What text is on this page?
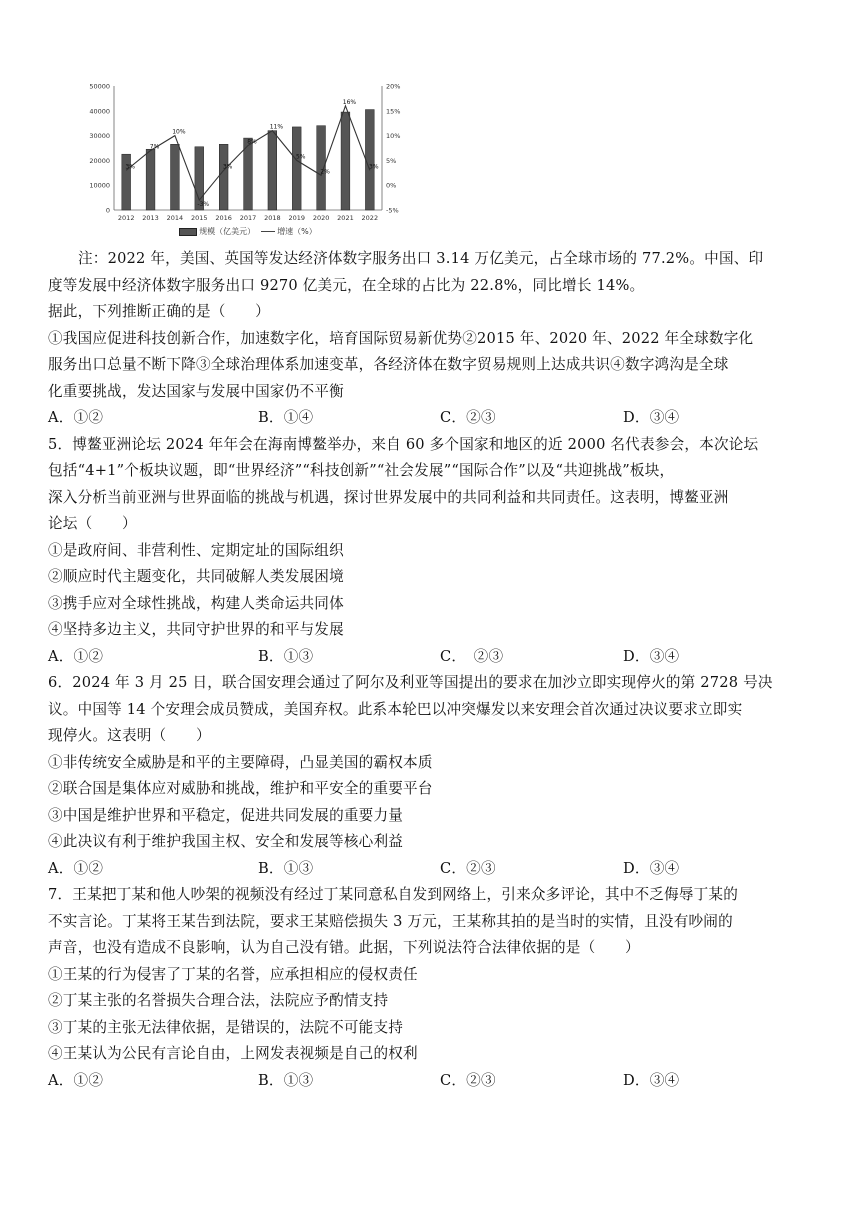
0
10000
20000
30000
40000
50000
-5%
0%
5%
10%
15%
20%
2012 2013 2014 2015 2016 2017 2018 2019 2020 2021 2022
3%
7%
10%
-3%
3%
8%
11%
5%
2%
16%
3%
规模（亿美元）	增速（%）
注：2022 年，美国、英国等发达经济体数字服务出口 3.14 万亿美元，占全球市场的 77.2%。中国、印
度等发展中经济体数字服务出口 9270 亿美元，在全球的占比为 22.8%，同比增长 14%。
据此，下列推断正确的是（　　）
①我国应促进科技创新合作，加速数字化，培育国际贸易新优势②2015 年、2020 年、2022 年全球数字化
服务出口总量不断下降③全球治理体系加速变革，各经济体在数字贸易规则上达成共识④数字鸿沟是全球
化重要挑战，发达国家与发展中国家仍不平衡
A．①②	B．①④	C．②③	D．③④
5．博鳌亚洲论坛 2024 年年会在海南博鳌举办，来自 60 多个国家和地区的近 2000 名代表参会，本次论坛
包括“4+1”个板块议题，即“世界经济”“科技创新”“社会发展”“国际合作”以及“共迎挑战”板块，
深入分析当前亚洲与世界面临的挑战与机遇，探讨世界发展中的共同利益和共同责任。这表明，博鳌亚洲
论坛（　　）
①是政府间、非营利性、定期定址的国际组织
②顺应时代主题变化，共同破解人类发展困境
③携手应对全球性挑战，构建人类命运共同体
④坚持多边主义，共同守护世界的和平与发展
A．①②	B．①③	C．　②③	D．③④
6．2024 年 3 月 25 日，联合国安理会通过了阿尔及利亚等国提出的要求在加沙立即实现停火的第 2728 号决
议。中国等 14 个安理会成员赞成，美国弃权。此系本轮巴以冲突爆发以来安理会首次通过决议要求立即实
现停火。这表明（　　）
①非传统安全威胁是和平的主要障碍，凸显美国的霸权本质
②联合国是集体应对威胁和挑战，维护和平安全的重要平台
③中国是维护世界和平稳定，促进共同发展的重要力量
④此决议有利于维护我国主权、安全和发展等核心利益
A．①②	B．①③	C．②③	D．③④
7．王某把丁某和他人吵架的视频没有经过丁某同意私自发到网络上，引来众多评论，其中不乏侮辱丁某的
不实言论。丁某将王某告到法院，要求王某赔偿损失 3 万元，王某称其拍的是当时的实情，且没有吵闹的
声音，也没有造成不良影响，认为自己没有错。此据，下列说法符合法律依据的是（　　）
①王某的行为侵害了丁某的名誉，应承担相应的侵权责任
②丁某主张的名誉损失合理合法，法院应予酌情支持
③丁某的主张无法律依据，是错误的，法院不可能支持
④王某认为公民有言论自由，上网发表视频是自己的权利
A．①②	B．①③	C．②③	D．③④
